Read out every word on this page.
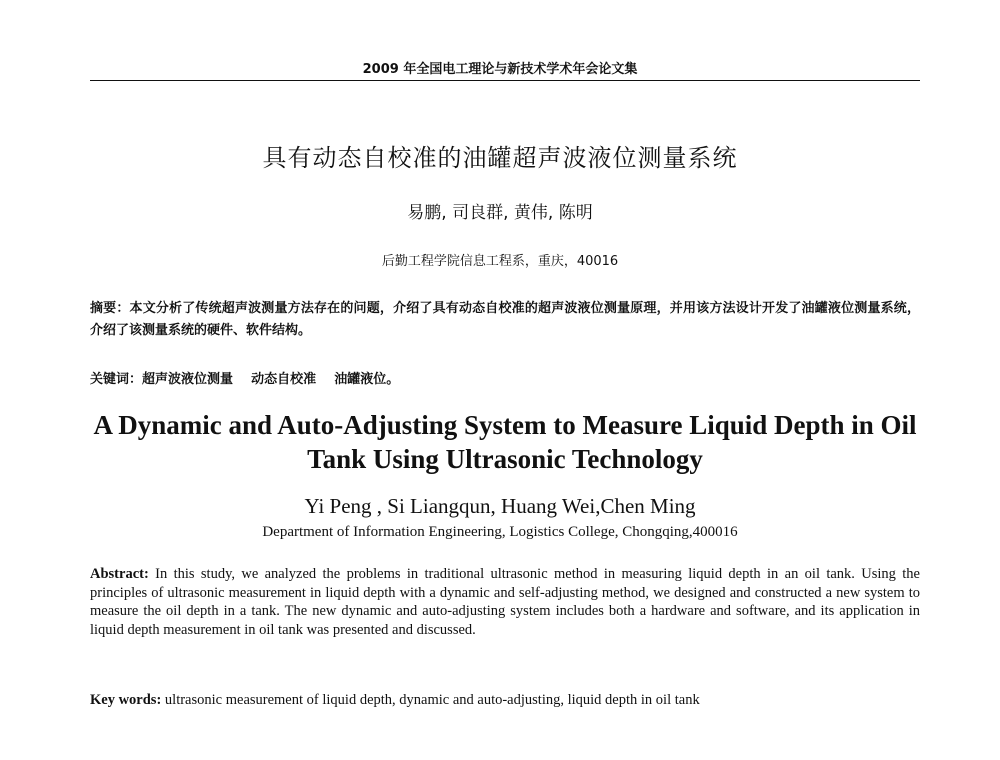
2009 年全国电工理论与新技术学术年会论文集
具有动态自校准的油罐超声波液位测量系统
易鹏, 司良群, 黄伟, 陈明
后勤工程学院信息工程系，重庆，40016
摘要：本文分析了传统超声波测量方法存在的问题，介绍了具有动态自校准的超声波液位测量原理，并用该方法设计开发了油罐液位测量系统，介绍了该测量系统的硬件、软件结构。
关键词：超声波液位测量    动态自校准    油罐液位。
A Dynamic and Auto-Adjusting System to Measure Liquid Depth in Oil Tank Using Ultrasonic Technology
Yi Peng , Si Liangqun, Huang Wei,Chen Ming
Department of Information Engineering, Logistics College, Chongqing,400016
Abstract: In this study, we analyzed the problems in traditional ultrasonic method in measuring liquid depth in an oil tank. Using the principles of ultrasonic measurement in liquid depth with a dynamic and self-adjusting method, we designed and constructed a new system to measure the oil depth in a tank. The new dynamic and auto-adjusting system includes both a hardware and software, and its application in liquid depth measurement in oil tank was presented and discussed.
Key words: ultrasonic measurement of liquid depth, dynamic and auto-adjusting, liquid depth in oil tank
